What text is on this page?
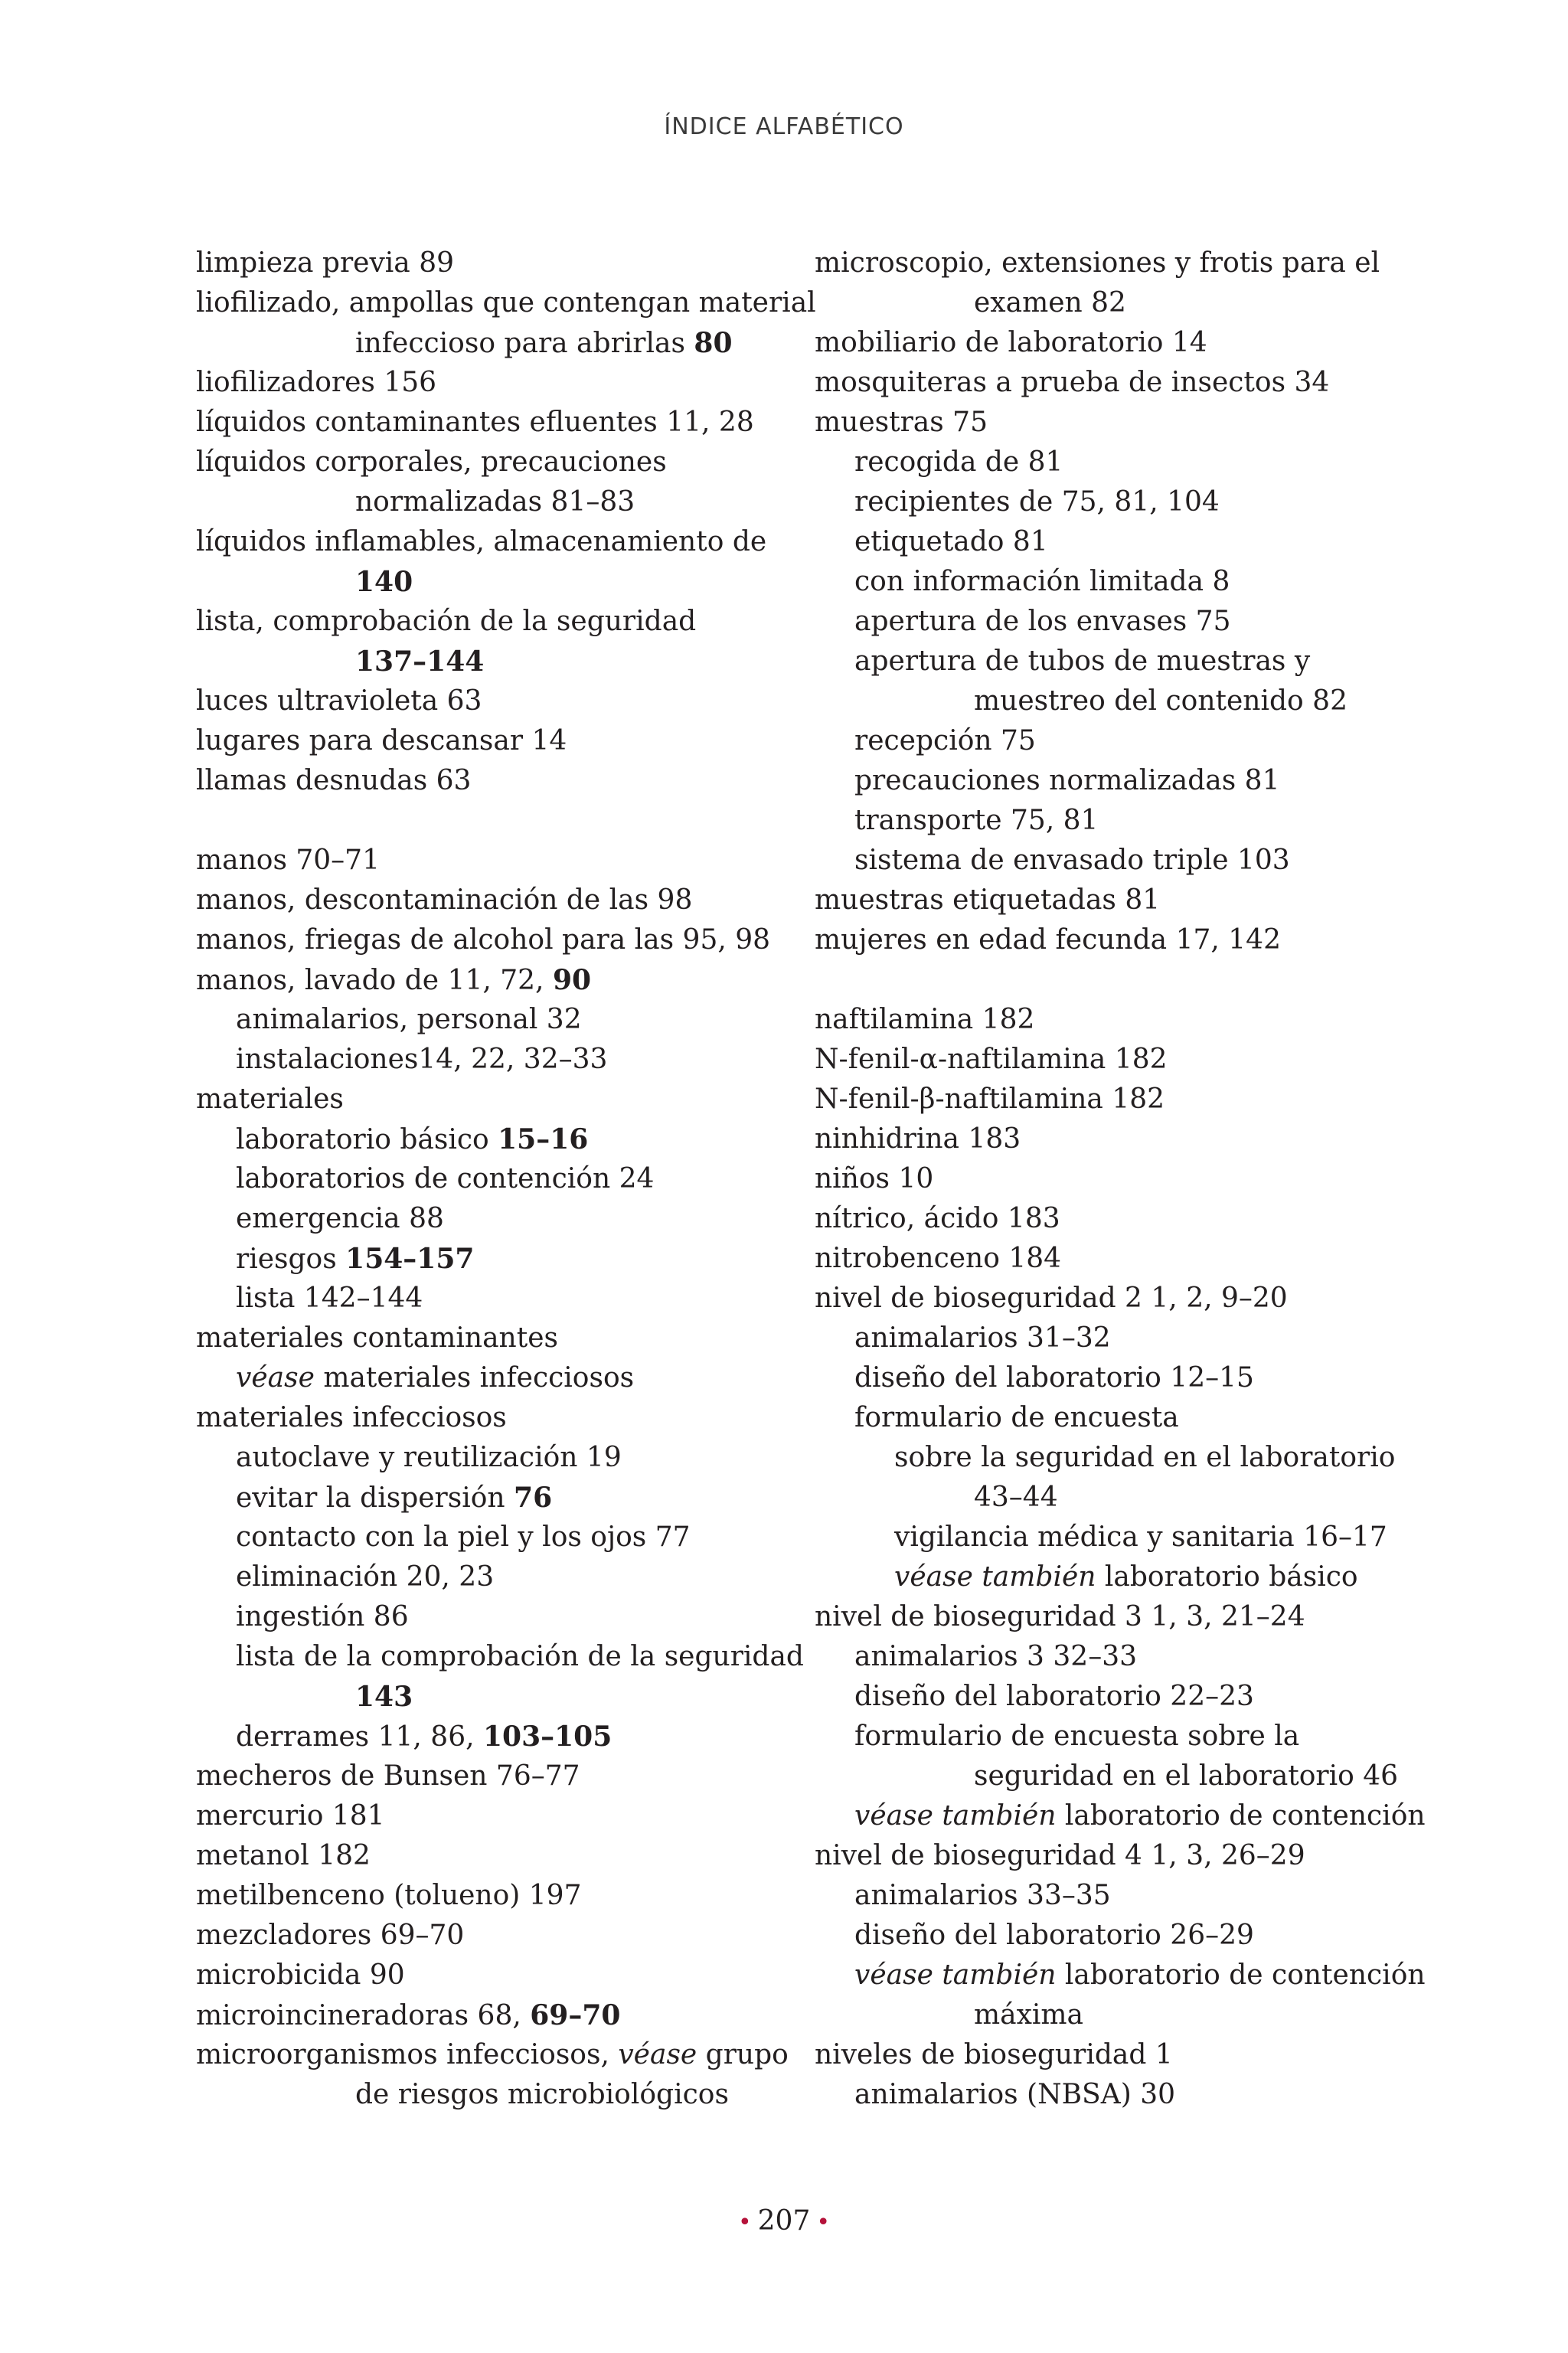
ÍNDICE ALFABÉTICO
limpieza previa 89
liofilizado, ampollas que contengan material
infeccioso para abrirlas 80
liofilizadores 156
líquidos contaminantes efluentes 11, 28
líquidos corporales, precauciones
normalizadas 81–83
líquidos inflamables, almacenamiento de
140
lista, comprobación de la seguridad
137–144
luces ultravioleta 63
lugares para descansar 14
llamas desnudas 63
manos 70–71
manos, descontaminación de las 98
manos, friegas de alcohol para las 95, 98
manos, lavado de 11, 72, 90
animalarios, personal 32
instalaciones14, 22, 32–33
materiales
laboratorio básico 15–16
laboratorios de contención 24
emergencia 88
riesgos 154–157
lista 142–144
materiales contaminantes
véase materiales infecciosos
materiales infecciosos
autoclave y reutilización 19
evitar la dispersión 76
contacto con la piel y los ojos 77
eliminación 20, 23
ingestión 86
lista de la comprobación de la seguridad
143
derrames 11, 86, 103–105
mecheros de Bunsen 76–77
mercurio 181
metanol 182
metilbenceno (tolueno) 197
mezcladores 69–70
microbicida 90
microincineradoras 68, 69–70
microorganismos infecciosos, véase grupo
de riesgos microbiológicos
microscopio, extensiones y frotis para el
examen 82
mobiliario de laboratorio 14
mosquiteras a prueba de insectos 34
muestras 75
recogida de 81
recipientes de 75, 81, 104
etiquetado 81
con información limitada 8
apertura de los envases 75
apertura de tubos de muestras y
muestreo del contenido 82
recepción 75
precauciones normalizadas 81
transporte 75, 81
sistema de envasado triple 103
muestras etiquetadas 81
mujeres en edad fecunda 17, 142
naftilamina 182
N-fenil-α-naftilamina 182
N-fenil-β-naftilamina 182
ninhidrina 183
niños 10
nítrico, ácido 183
nitrobenceno 184
nivel de bioseguridad 2 1, 2, 9–20
animalarios 31–32
diseño del laboratorio 12–15
formulario de encuesta
sobre la seguridad en el laboratorio
43–44
vigilancia médica y sanitaria 16–17
véase también laboratorio básico
nivel de bioseguridad 3 1, 3, 21–24
animalarios 3 32–33
diseño del laboratorio 22–23
formulario de encuesta sobre la
seguridad en el laboratorio 46
véase también laboratorio de contención
nivel de bioseguridad 4 1, 3, 26–29
animalarios 33–35
diseño del laboratorio 26–29
véase también laboratorio de contención
máxima
niveles de bioseguridad 1
animalarios (NBSA) 30
• 207 •
